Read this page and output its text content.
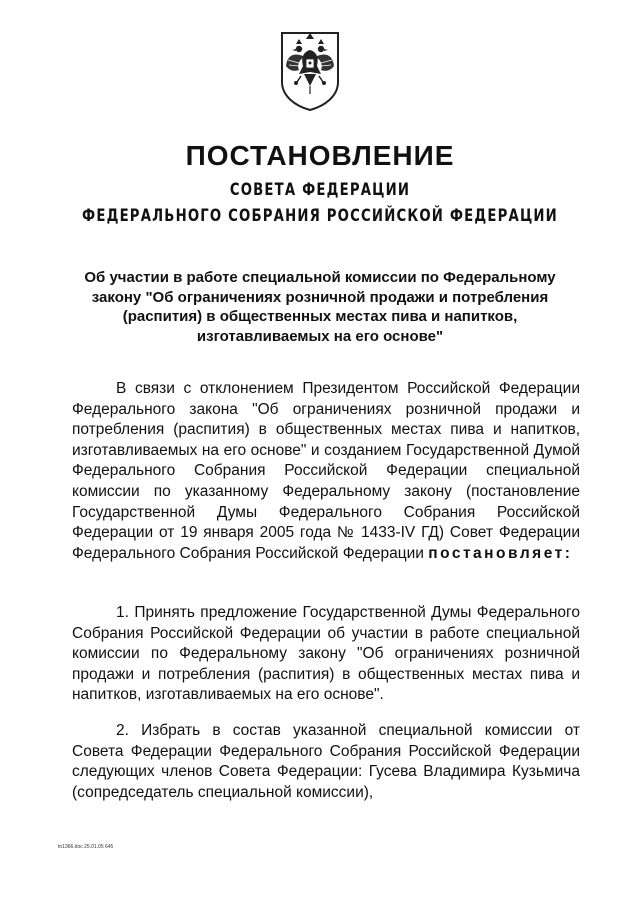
ПОСТАНОВЛЕНИЕ
СОВЕТА ФЕДЕРАЦИИ
ФЕДЕРАЛЬНОГО СОБРАНИЯ РОССИЙСКОЙ ФЕДЕРАЦИИ

Об участии в работе специальной комиссии по Федеральному закону "Об ограничениях розничной продажи и потребления (распития) в общественных местах пива и напитков, изготавливаемых на его основе"

В связи с отклонением Президентом Российской Федерации Федерального закона "Об ограничениях розничной продажи и потребления (распития) в общественных местах пива и напитков, изготавливаемых на его основе" и созданием Государственной Думой Федерального Собрания Российской Федерации специальной комиссии по указанному Федеральному закону (постановление Государственной Думы Федерального Собрания Российской Федерации от 19 января 2005 года № 1433-IV ГД) Совет Федерации Федерального Собрания Российской Федерации постановляет:

1. Принять предложение Государственной Думы Федерального Собрания Российской Федерации об участии в работе специальной комиссии по Федеральному закону "Об ограничениях розничной продажи и потребления (распития) в общественных местах пива и напитков, изготавливаемых на его основе".

2. Избрать в состав указанной специальной комиссии от Совета Федерации Федерального Собрания Российской Федерации следующих членов Совета Федерации: Гусева Владимира Кузьмича (сопредседатель специальной комиссии),

tn1366.doc 25.01.05 645
